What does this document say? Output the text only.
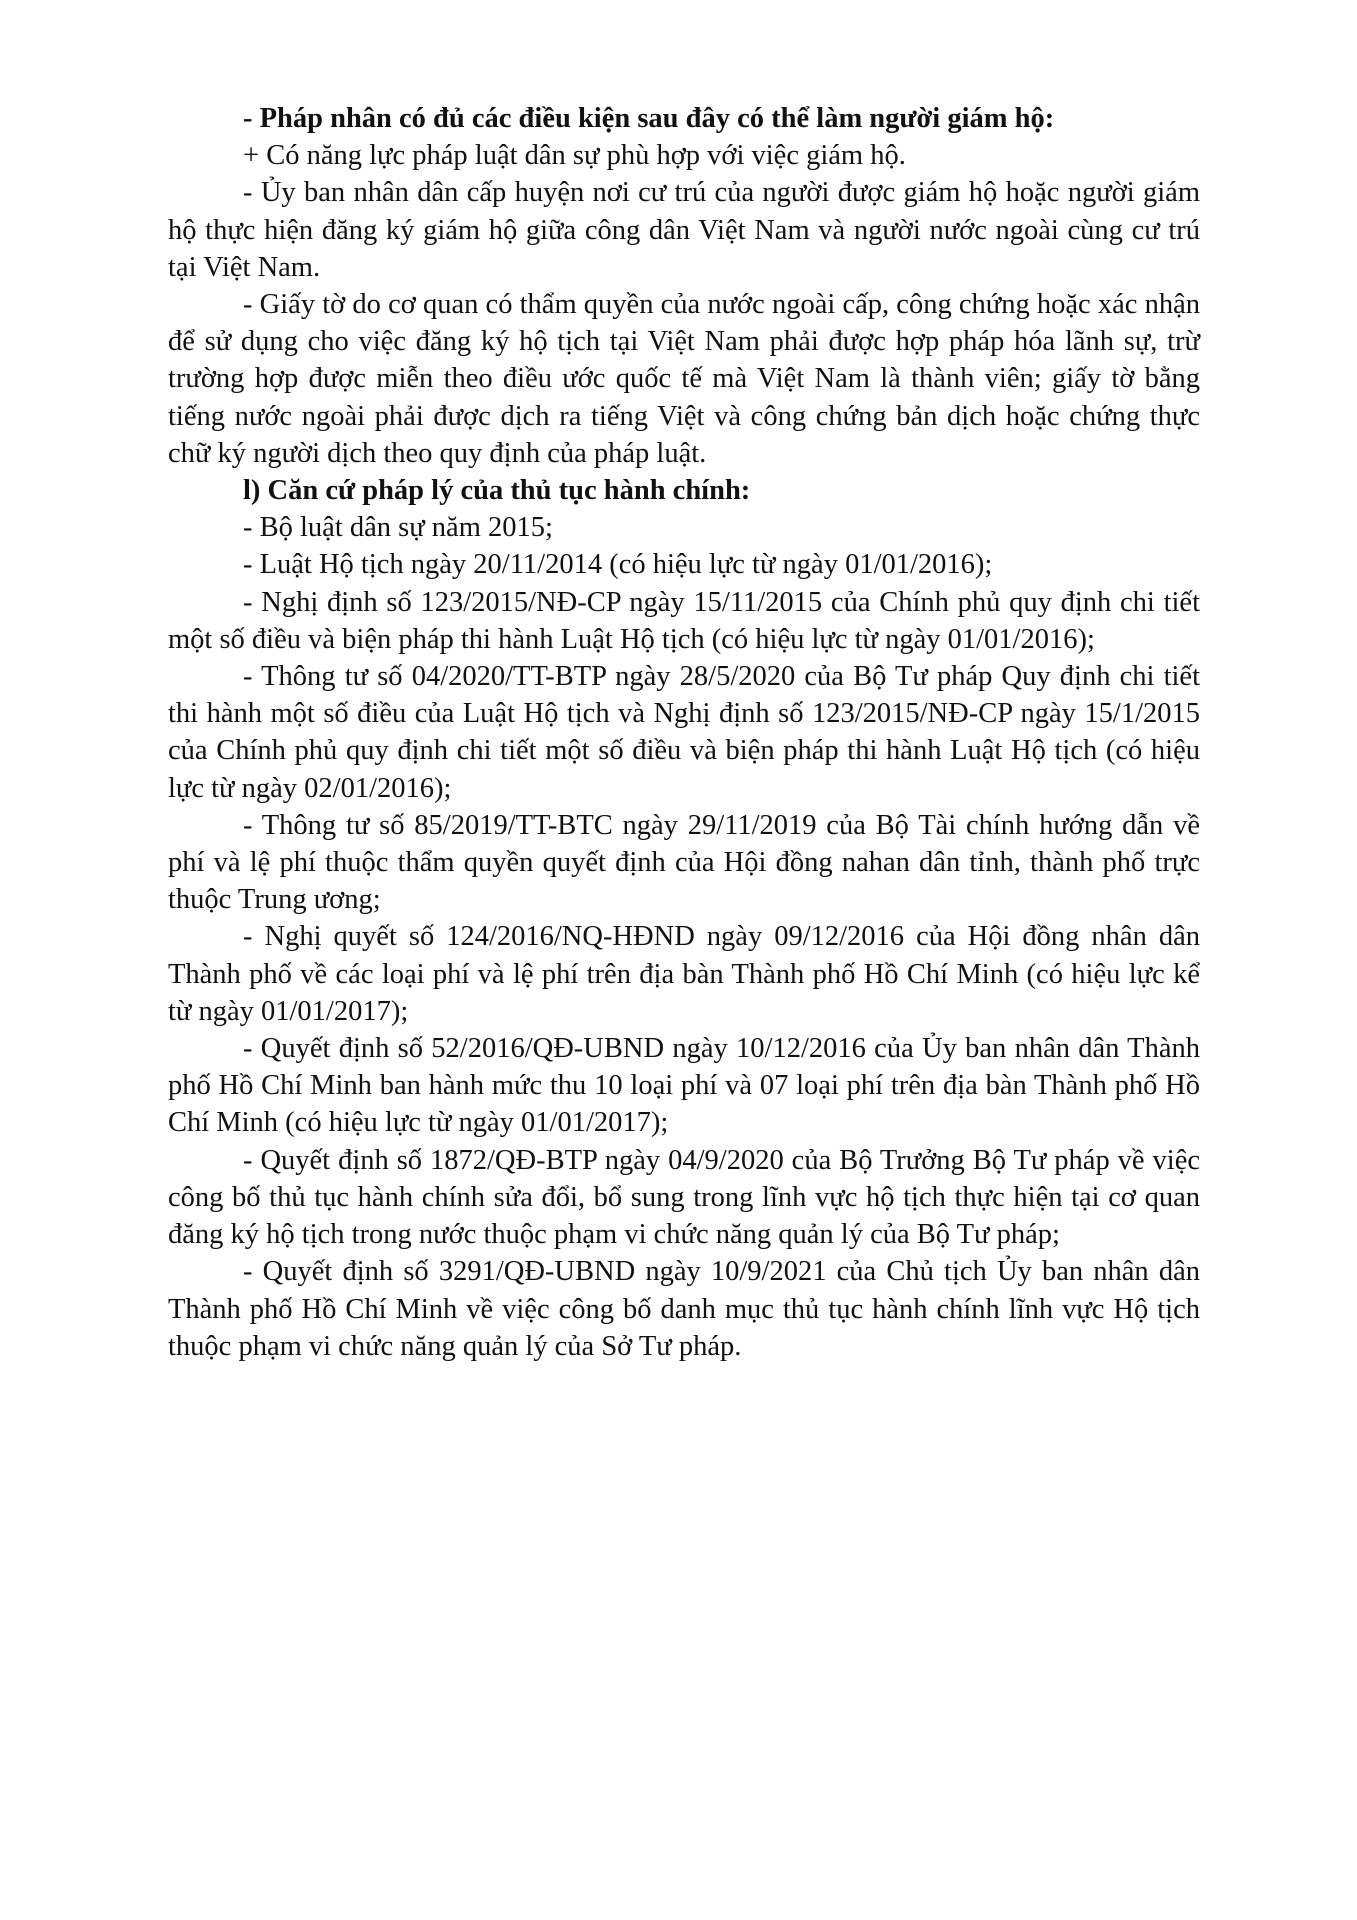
- Pháp nhân có đủ các điều kiện sau đây có thể làm người giám hộ:

+ Có năng lực pháp luật dân sự phù hợp với việc giám hộ.

- Ủy ban nhân dân cấp huyện nơi cư trú của người được giám hộ hoặc người giám hộ thực hiện đăng ký giám hộ giữa công dân Việt Nam và người nước ngoài cùng cư trú tại Việt Nam.

- Giấy tờ do cơ quan có thẩm quyền của nước ngoài cấp, công chứng hoặc xác nhận để sử dụng cho việc đăng ký hộ tịch tại Việt Nam phải được hợp pháp hóa lãnh sự, trừ trường hợp được miễn theo điều ước quốc tế mà Việt Nam là thành viên; giấy tờ bằng tiếng nước ngoài phải được dịch ra tiếng Việt và công chứng bản dịch hoặc chứng thực chữ ký người dịch theo quy định của pháp luật.

l) Căn cứ pháp lý của thủ tục hành chính:

- Bộ luật dân sự năm 2015;

- Luật Hộ tịch ngày 20/11/2014 (có hiệu lực từ ngày 01/01/2016);

- Nghị định số 123/2015/NĐ-CP ngày 15/11/2015 của Chính phủ quy định chi tiết một số điều và biện pháp thi hành Luật Hộ tịch (có hiệu lực từ ngày 01/01/2016);

- Thông tư số 04/2020/TT-BTP ngày 28/5/2020 của Bộ Tư pháp Quy định chi tiết thi hành một số điều của Luật Hộ tịch và Nghị định số 123/2015/NĐ-CP ngày 15/1/2015 của Chính phủ quy định chi tiết một số điều và biện pháp thi hành Luật Hộ tịch (có hiệu lực từ ngày 02/01/2016);

- Thông tư số 85/2019/TT-BTC ngày 29/11/2019 của Bộ Tài chính hướng dẫn về phí và lệ phí thuộc thẩm quyền quyết định của Hội đồng nahan dân tỉnh, thành phố trực thuộc Trung ương;

- Nghị quyết số 124/2016/NQ-HĐND ngày 09/12/2016 của Hội đồng nhân dân Thành phố về các loại phí và lệ phí trên địa bàn Thành phố Hồ Chí Minh (có hiệu lực kể từ ngày 01/01/2017);

- Quyết định số 52/2016/QĐ-UBND ngày 10/12/2016 của Ủy ban nhân dân Thành phố Hồ Chí Minh ban hành mức thu 10 loại phí và 07 loại phí trên địa bàn Thành phố Hồ Chí Minh (có hiệu lực từ ngày 01/01/2017);

- Quyết định số 1872/QĐ-BTP ngày 04/9/2020 của Bộ Trưởng Bộ Tư pháp về việc công bố thủ tục hành chính sửa đổi, bổ sung trong lĩnh vực hộ tịch thực hiện tại cơ quan đăng ký hộ tịch trong nước thuộc phạm vi chức năng quản lý của Bộ Tư pháp;

- Quyết định số 3291/QĐ-UBND ngày 10/9/2021 của Chủ tịch Ủy ban nhân dân Thành phố Hồ Chí Minh về việc công bố danh mục thủ tục hành chính lĩnh vực Hộ tịch thuộc phạm vi chức năng quản lý của Sở Tư pháp.
